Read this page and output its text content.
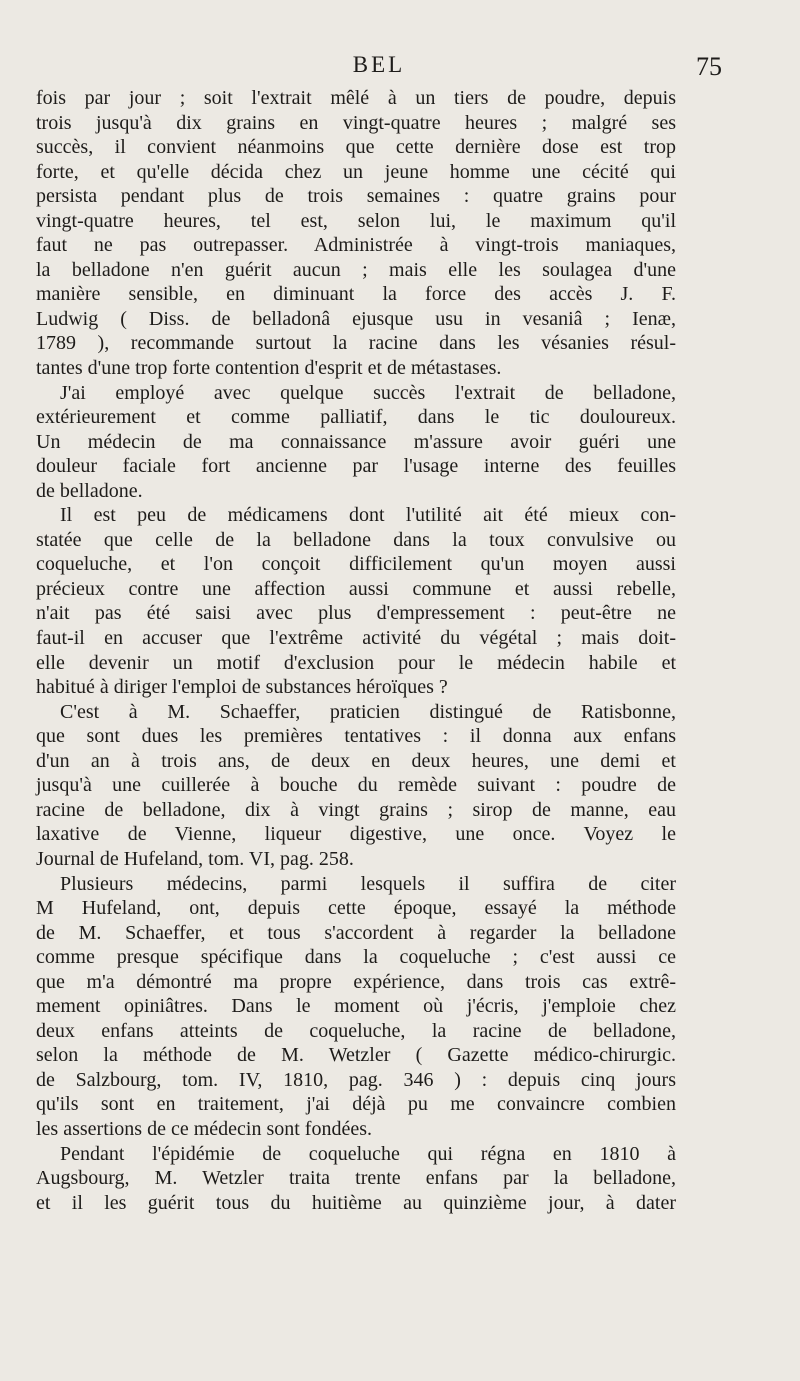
BEL	75
fois par jour ; soit l'extrait mêlé à un tiers de poudre, depuis
trois jusqu'à dix grains en vingt-quatre heures ; malgré ses
succès, il convient néanmoins que cette dernière dose est trop
forte, et qu'elle décida chez un jeune homme une cécité qui
persista pendant plus de trois semaines : quatre grains pour
vingt-quatre heures, tel est, selon lui, le maximum qu'il
faut ne pas outrepasser. Administrée à vingt-trois maniaques,
la belladone n'en guérit aucun ; mais elle les soulagea d'une
manière sensible, en diminuant la force des accès J. F.
Ludwig ( Diss. de belladonâ ejusque usu in vesaniâ ; Ienæ,
1789 ), recommande surtout la racine dans les vésanies résul-
tantes d'une trop forte contention d'esprit et de métastases.
J'ai employé avec quelque succès l'extrait de belladone,
extérieurement et comme palliatif, dans le tic douloureux.
Un médecin de ma connaissance m'assure avoir guéri une
douleur faciale fort ancienne par l'usage interne des feuilles
de belladone.
Il est peu de médicamens dont l'utilité ait été mieux con-
statée que celle de la belladone dans la toux convulsive ou
coqueluche, et l'on conçoit difficilement qu'un moyen aussi
précieux contre une affection aussi commune et aussi rebelle,
n'ait pas été saisi avec plus d'empressement : peut-être ne
faut-il en accuser que l'extrême activité du végétal ; mais doit-
elle devenir un motif d'exclusion pour le médecin habile et
habitué à diriger l'emploi de substances héroïques ?
C'est à M. Schaeffer, praticien distingué de Ratisbonne,
que sont dues les premières tentatives : il donna aux enfans
d'un an à trois ans, de deux en deux heures, une demi et
jusqu'à une cuillerée à bouche du remède suivant : poudre de
racine de belladone, dix à vingt grains ; sirop de manne, eau
laxative de Vienne, liqueur digestive, une once. Voyez le
Journal de Hufeland, tom. VI, pag. 258.
Plusieurs médecins, parmi lesquels il suffira de citer
M Hufeland, ont, depuis cette époque, essayé la méthode
de M. Schaeffer, et tous s'accordent à regarder la belladone
comme presque spécifique dans la coqueluche ; c'est aussi ce
que m'a démontré ma propre expérience, dans trois cas extrê-
mement opiniâtres. Dans le moment où j'écris, j'emploie chez
deux enfans atteints de coqueluche, la racine de belladone,
selon la méthode de M. Wetzler ( Gazette médico-chirurgic.
de Salzbourg, tom. IV, 1810, pag. 346 ) : depuis cinq jours
qu'ils sont en traitement, j'ai déjà pu me convaincre combien
les assertions de ce médecin sont fondées.
Pendant l'épidémie de coqueluche qui régna en 1810 à
Augsbourg, M. Wetzler traita trente enfans par la belladone,
et il les guérit tous du huitième au quinzième jour, à dater
